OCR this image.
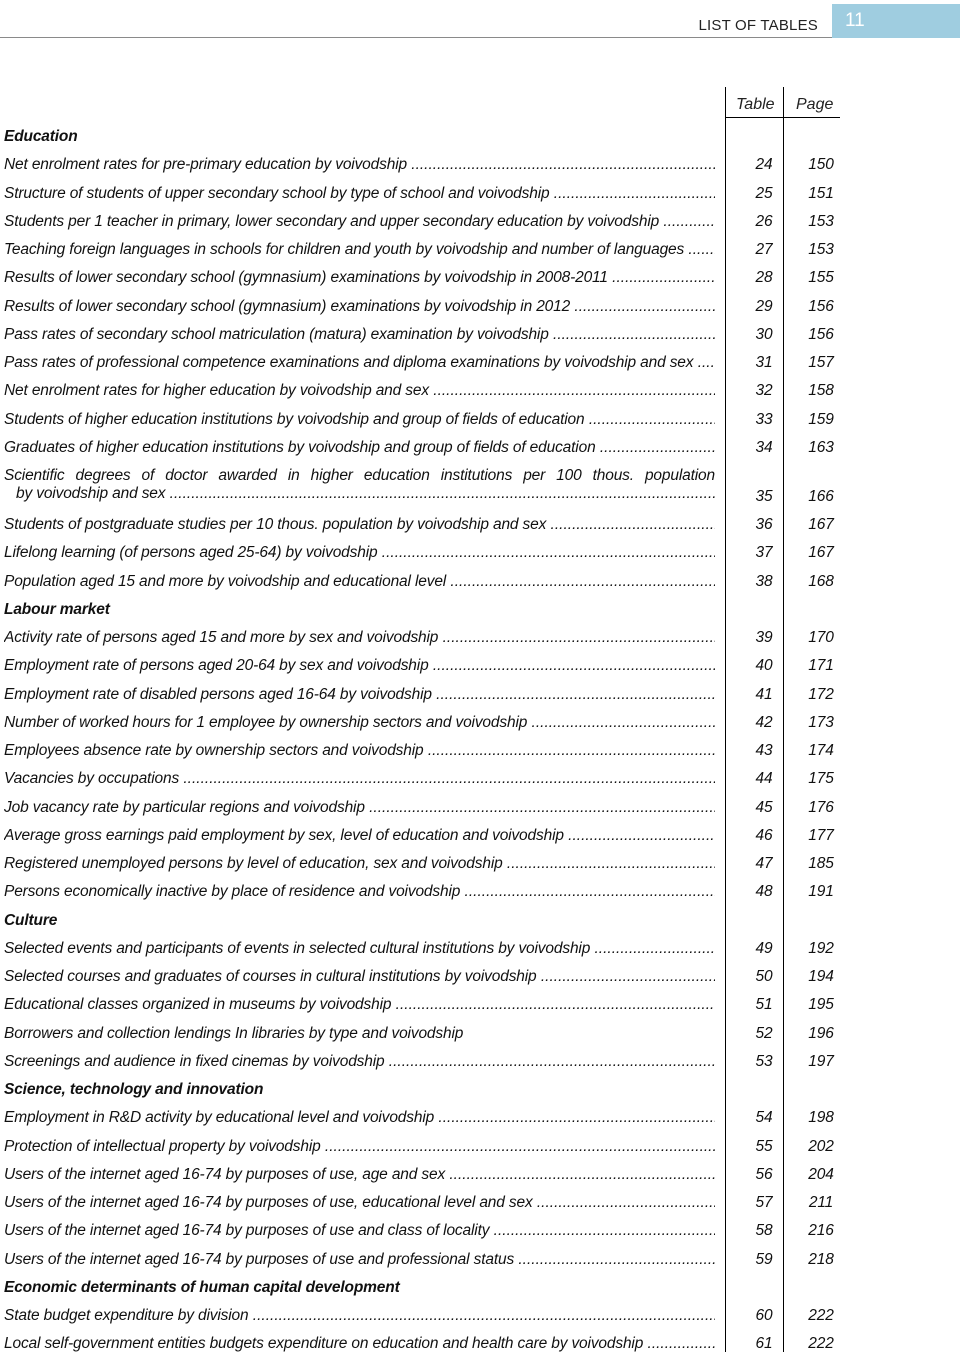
LIST OF TABLES	11
Table Page
Education
Net enrolment rates for pre-primary education by voivodship .....	24	150
Structure of students of upper secondary school by type of school and voivodship .....	25	151
Students per 1 teacher in primary, lower secondary and upper secondary education by voivodship .....	26	153
Teaching foreign languages in schools for children and youth by voivodship and number of languages .....	27	153
Results of lower secondary school (gymnasium) examinations by voivodship in 2008-2011 .....	28	155
Results of lower secondary school (gymnasium) examinations by voivodship in 2012 .....	29	156
Pass rates of secondary school matriculation (matura) examination by voivodship .....	30	156
Pass rates of professional competence examinations and diploma examinations by voivodship and sex .....	31	157
Net enrolment rates for higher education by voivodship and sex .....	32	158
Students of higher education institutions by voivodship and group of fields of education .....	33	159
Graduates of higher education institutions by voivodship and group of fields of education .....	34	163
Scientific degrees of doctor awarded in higher education institutions per 100 thous. population
by voivodship and sex .....	35	166
Students of postgraduate studies per 10 thous. population by voivodship and sex .....	36	167
Lifelong learning (of persons aged 25-64) by voivodship .....	37	167
Population aged 15 and more by voivodship and educational level .....	38	168
Labour market
Activity rate of persons aged 15 and more by sex and voivodship .....	39	170
Employment rate of persons aged 20-64 by sex and voivodship .....	40	171
Employment rate of disabled persons aged 16-64 by voivodship .....	41	172
Number of worked hours for 1 employee by ownership sectors and voivodship .....	42	173
Employees absence rate by ownership sectors and voivodship .....	43	174
Vacancies by occupations .....	44	175
Job vacancy rate by particular regions and voivodship .....	45	176
Average gross earnings paid employment by sex, level of education and voivodship .....	46	177
Registered unemployed persons by level of education, sex and voivodship .....	47	185
Persons economically inactive by place of residence and voivodship .....	48	191
Culture
Selected events and participants of events in selected cultural institutions by voivodship .....	49	192
Selected courses and graduates of courses in cultural institutions by voivodship .....	50	194
Educational classes organized in museums by voivodship .....	51	195
Borrowers and collection lendings In libraries by type and voivodship	52	196
Screenings and audience in fixed cinemas by voivodship .....	53	197
Science, technology and innovation
Employment in R&D activity by educational level and voivodship .....	54	198
Protection of intellectual property by voivodship .....	55	202
Users of the internet aged 16-74 by purposes of use, age and sex .....	56	204
Users of the internet aged 16-74 by purposes of use, educational level and sex .....	57	211
Users of the internet aged 16-74 by purposes of use and class of locality .....	58	216
Users of the internet aged 16-74 by purposes of use and professional status .....	59	218
Economic determinants of human capital development
State budget expenditure by division .....	60	222
Local self-government entities budgets expenditure on education and health care by voivodship .....	61	222
